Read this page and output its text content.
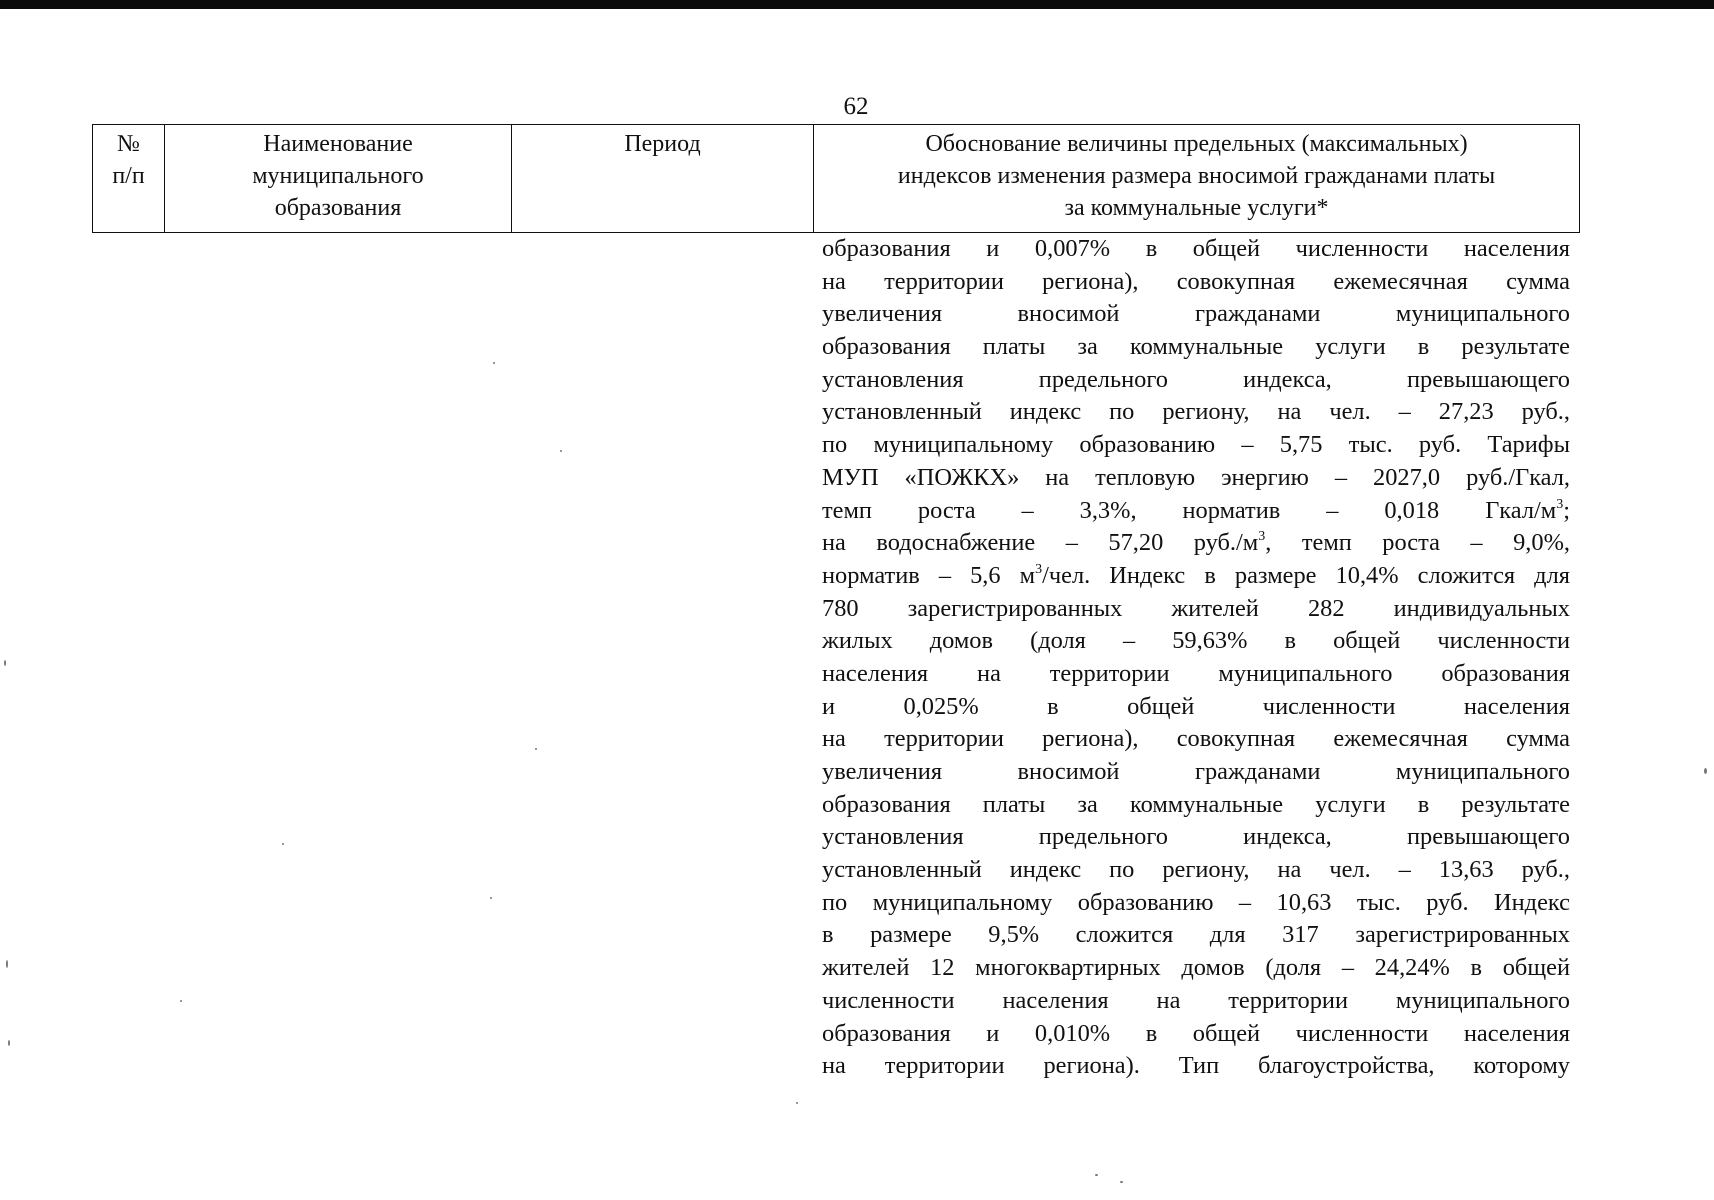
62
№
п/п
Наименование
муниципального
образования
Период	Обоснование величины предельных (максимальных)
индексов изменения размера вносимой гражданами платы
за коммунальные услуги*
образования и 0,007% в общей численности населения
на территории региона), совокупная ежемесячная сумма
увеличения вносимой гражданами муниципального
образования платы за коммунальные услуги в результате
установления предельного индекса, превышающего
установленный индекс по региону, на чел. – 27,23 руб.,
по муниципальному образованию – 5,75 тыс. руб. Тарифы
МУП «ПОЖКХ» на тепловую энергию – 2027,0 руб./Гкал,
темп роста – 3,3%, норматив – 0,018 Гкал/$м^3$;
на водоснабжение – 57,20 $руб./м^3$, темп роста – 9,0%,
норматив – 5,6 $м^3$/чел. Индекс в размере 10,4% сложится для
780 зарегистрированных жителей 282 индивидуальных
жилых домов (доля – 59,63% в общей численности
населения на территории муниципального образования
и 0,025% в общей численности населения
на территории региона), совокупная ежемесячная сумма
увеличения вносимой гражданами муниципального
образования платы за коммунальные услуги в результате
установления предельного индекса, превышающего
установленный индекс по региону, на чел. – 13,63 руб.,
по муниципальному образованию – 10,63 тыс. руб. Индекс
в размере 9,5% сложится для 317 зарегистрированных
жителей 12 многоквартирных домов (доля – 24,24% в общей
численности населения на территории муниципального
образования и 0,010% в общей численности населения
на территории региона). Тип благоустройства, которому
